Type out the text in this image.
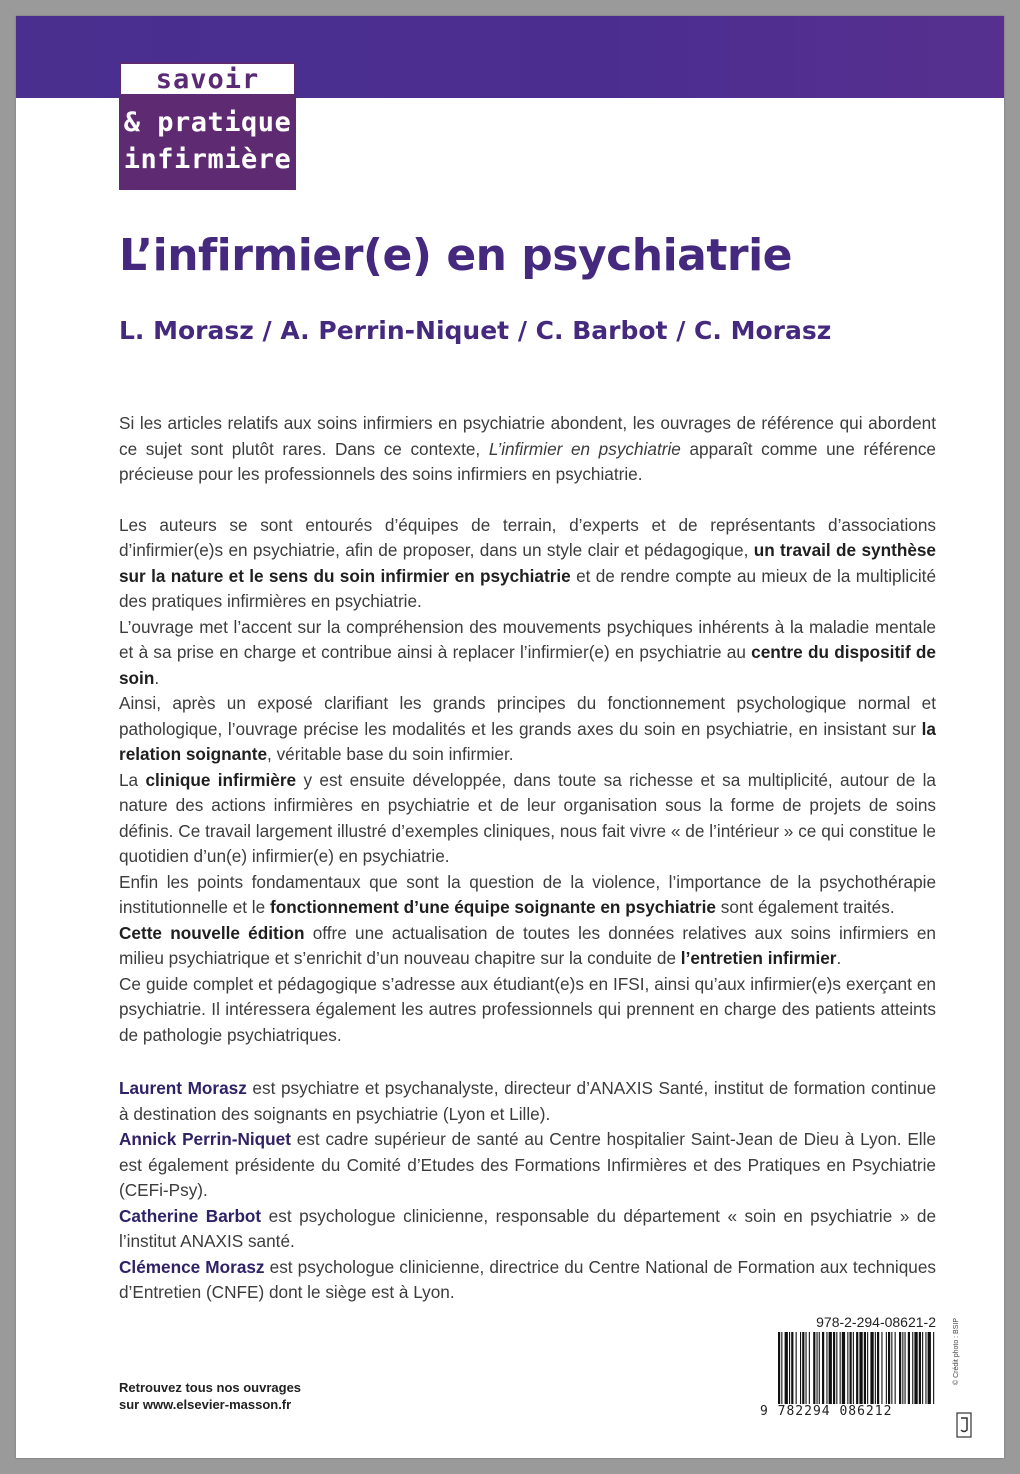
savoir
& pratique
infirmière
L’infirmier(e) en psychiatrie
L. Morasz / A. Perrin-Niquet / C. Barbot / C. Morasz

Si les articles relatifs aux soins infirmiers en psychiatrie abondent, les ouvrages de référence qui abordent ce sujet sont plutôt rares. Dans ce contexte, L’infirmier en psychiatrie apparaît comme une référence précieuse pour les professionnels des soins infirmiers en psychiatrie.

Les auteurs se sont entourés d’équipes de terrain, d’experts et de représentants d’associations d’infirmier(e)s en psychiatrie, afin de proposer, dans un style clair et pédagogique, un travail de synthèse sur la nature et le sens du soin infirmier en psychiatrie et de rendre compte au mieux de la multiplicité des pratiques infirmières en psychiatrie.

L’ouvrage met l’accent sur la compréhension des mouvements psychiques inhérents à la maladie mentale et à sa prise en charge et contribue ainsi à replacer l’infirmier(e) en psychiatrie au centre du dispositif de soin.

Ainsi, après un exposé clarifiant les grands principes du fonctionnement psychologique normal et pathologique, l’ouvrage précise les modalités et les grands axes du soin en psychiatrie, en insistant sur la relation soignante, véritable base du soin infirmier.

La clinique infirmière y est ensuite développée, dans toute sa richesse et sa multiplicité, autour de la nature des actions infirmières en psychiatrie et de leur organisation sous la forme de projets de soins définis. Ce travail largement illustré d’exemples cliniques, nous fait vivre « de l’intérieur » ce qui constitue le quotidien d’un(e) infirmier(e) en psychiatrie.

Enfin les points fondamentaux que sont la question de la violence, l’importance de la psychothérapie institutionnelle et le fonctionnement d’une équipe soignante en psychiatrie sont également traités.

Cette nouvelle édition offre une actualisation de toutes les données relatives aux soins infirmiers en milieu psychiatrique et s’enrichit d’un nouveau chapitre sur la conduite de l’entretien infirmier.

Ce guide complet et pédagogique s’adresse aux étudiant(e)s en IFSI, ainsi qu’aux infirmier(e)s exerçant en psychiatrie. Il intéressera également les autres professionnels qui prennent en charge des patients atteints de pathologie psychiatriques.

Laurent Morasz est psychiatre et psychanalyste, directeur d’ANAXIS Santé, institut de formation continue à destination des soignants en psychiatrie (Lyon et Lille).

Annick Perrin-Niquet est cadre supérieur de santé au Centre hospitalier Saint-Jean de Dieu à Lyon. Elle est également présidente du Comité d’Etudes des Formations Infirmières et des Pratiques en Psychiatrie (CEFi-Psy).

Catherine Barbot est psychologue clinicienne, responsable du département « soin en psychiatrie » de l’institut ANAXIS santé.

Clémence Morasz est psychologue clinicienne, directrice du Centre National de Formation aux techniques d’Entretien (CNFE) dont le siège est à Lyon.

Retrouvez tous nos ouvrages
sur www.elsevier-masson.fr
© Crédit photo : BSIP
978-2-294-08621-2
9 782294 086212
